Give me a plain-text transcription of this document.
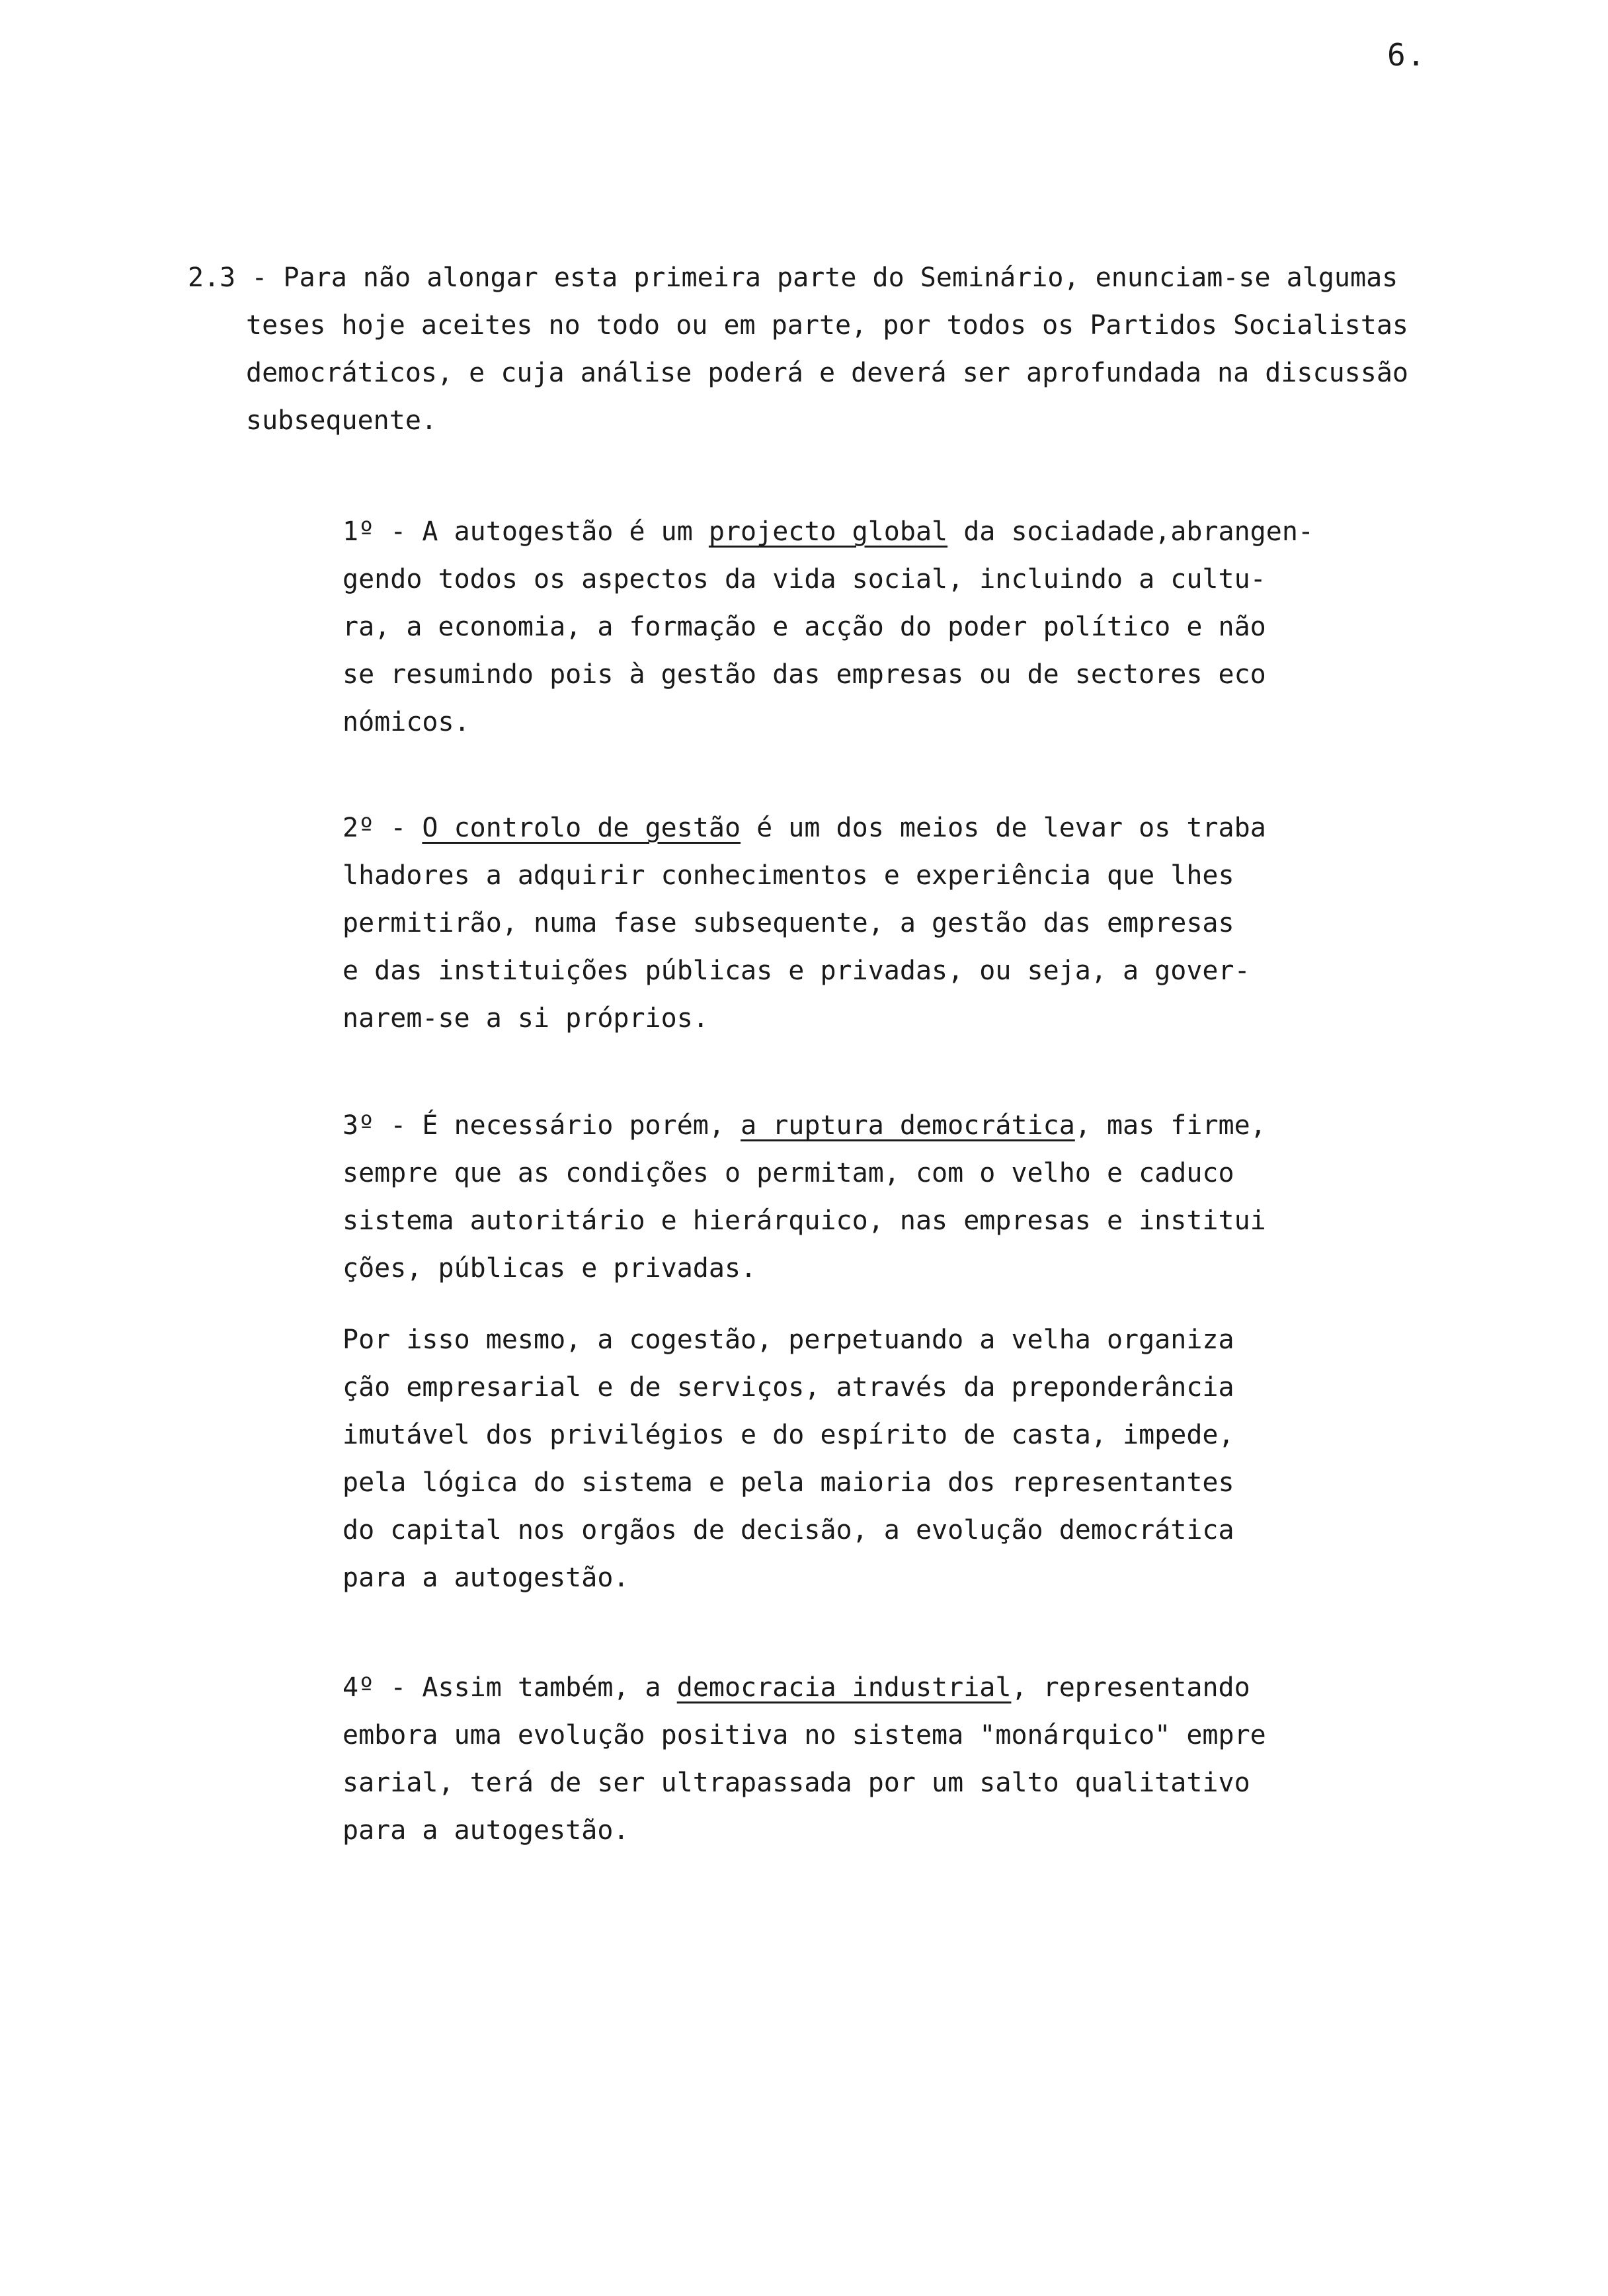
6.
2.3 - Para não alongar esta primeira parte do Seminário, enunciam-se algumas
teses hoje aceites no todo ou em parte, por todos os Partidos Socialistas
democráticos, e cuja análise poderá e deverá ser aprofundada na discussão
subsequente.
1º - A autogestão é um projecto global da sociadade,abrangen-
gendo todos os aspectos da vida social, incluindo a cultu-
ra, a economia, a formação e acção do poder político e não
se resumindo pois à gestão das empresas ou de sectores eco
nómicos.
2º - O controlo de gestão é um dos meios de levar os traba
lhadores a adquirir conhecimentos e experiência que lhes
permitirão, numa fase subsequente, a gestão das empresas
e das instituições públicas e privadas, ou seja, a gover-
narem-se a si próprios.
3º - É necessário porém, a ruptura democrática, mas firme,
sempre que as condições o permitam, com o velho e caduco
sistema autoritário e hierárquico, nas empresas e institui
ções, públicas e privadas.
Por isso mesmo, a cogestão, perpetuando a velha organiza
ção empresarial e de serviços, através da preponderância
imutável dos privilégios e do espírito de casta, impede,
pela lógica do sistema e pela maioria dos representantes
do capital nos orgãos de decisão, a evolução democrática
para a autogestão.
4º - Assim também, a democracia industrial, representando
embora uma evolução positiva no sistema "monárquico" empre
sarial, terá de ser ultrapassada por um salto qualitativo
para a autogestão.
